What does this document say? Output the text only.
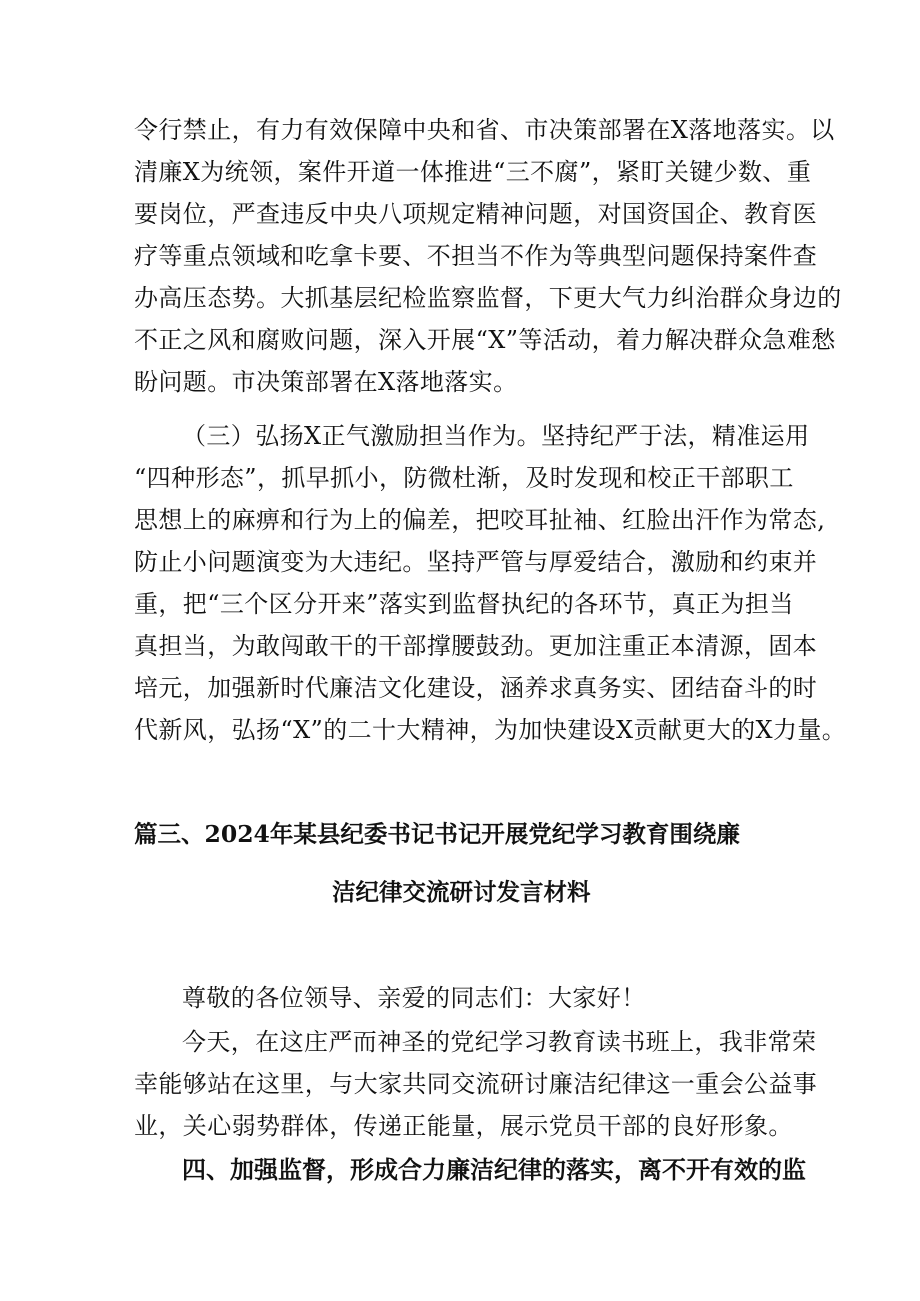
令行禁止，有力有效保障中央和省、市决策部署在X落地落实。以
清廉X为统领，案件开道一体推进“三不腐”，紧盯关键少数、重
要岗位，严查违反中央八项规定精神问题，对国资国企、教育医
疗等重点领域和吃拿卡要、不担当不作为等典型问题保持案件查
办高压态势。大抓基层纪检监察监督，下更大气力纠治群众身边的
不正之风和腐败问题，深入开展“X”等活动，着力解决群众急难愁
盼问题。市决策部署在X落地落实。
（三）弘扬X正气激励担当作为。坚持纪严于法，精准运用
“四种形态”，抓早抓小，防微杜渐，及时发现和校正干部职工
思想上的麻痹和行为上的偏差，把咬耳扯袖、红脸出汗作为常态,
防止小问题演变为大违纪。坚持严管与厚爱结合，激励和约束并
重，把“三个区分开来”落实到监督执纪的各环节，真正为担当
真担当，为敢闯敢干的干部撑腰鼓劲。更加注重正本清源，固本
培元，加强新时代廉洁文化建设，涵养求真务实、团结奋斗的时
代新风，弘扬“X”的二十大精神，为加快建设X贡献更大的X力量。
篇三、2024年某县纪委书记书记开展党纪学习教育围绕廉
洁纪律交流研讨发言材料
尊敬的各位领导、亲爱的同志们：大家好！
今天，在这庄严而神圣的党纪学习教育读书班上，我非常荣
幸能够站在这里，与大家共同交流研讨廉洁纪律这一重会公益事
业，关心弱势群体，传递正能量，展示党员干部的良好形象。
四、加强监督，形成合力廉洁纪律的落实，离不开有效的监
